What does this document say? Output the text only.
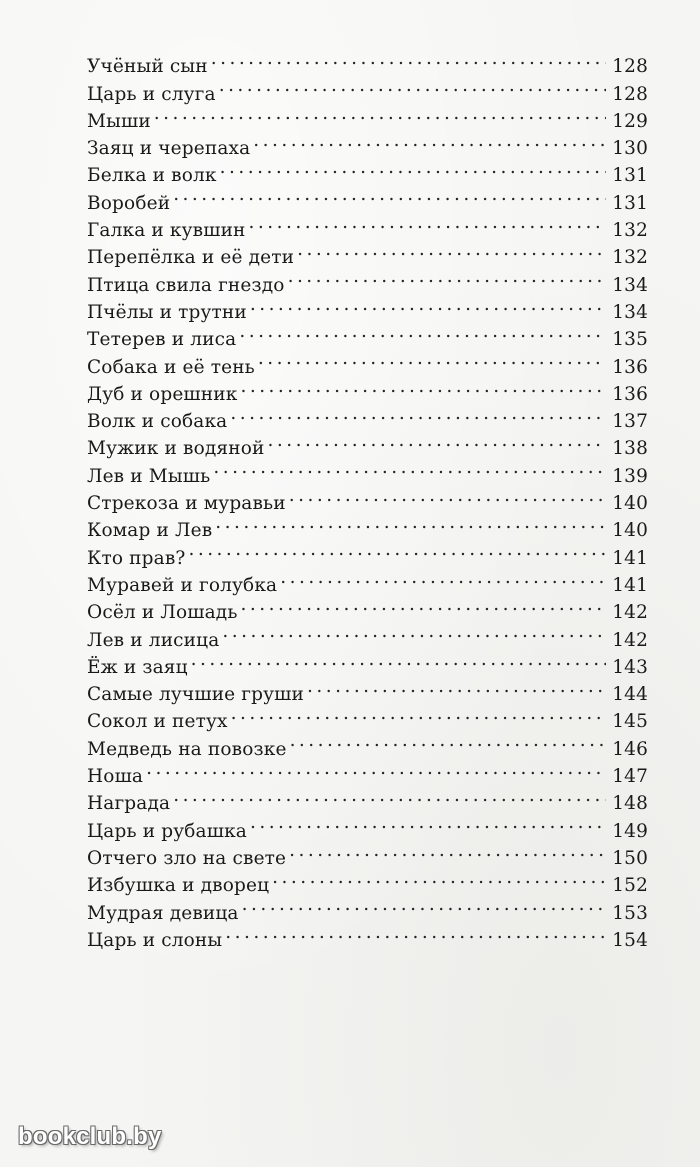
Учёный сын . . .	128
Царь и слуга . . .	128
Мыши . . .	129
Заяц и черепаха . . .	130
Белка и волк . . .	131
Воробей . . .	131
Галка и кувшин . . .	132
Перепёлка и её дети . . .	132
Птица свила гнездо . . .	134
Пчёлы и трутни . . .	134
Тетерев и лиса . . .	135
Собака и её тень . . .	136
Дуб и орешник . . .	136
Волк и собака . . .	137
Мужик и водяной . . .	138
Лев и Мышь . . .	139
Стрекоза и муравьи . . .	140
Комар и Лев . . .	140
Кто прав? . . .	141
Муравей и голубка . . .	141
Осёл и Лошадь . . .	142
Лев и лисица . . .	142
Ёж и заяц . . .	143
Самые лучшие груши . . .	144
Сокол и петух . . .	145
Медведь на повозке . . .	146
Ноша . . .	147
Награда . . .	148
Царь и рубашка . . .	149
Отчего зло на свете . . .	150
Избушка и дворец . . .	152
Мудрая девица . . .	153
Царь и слоны . . .	154
bookclub.by
